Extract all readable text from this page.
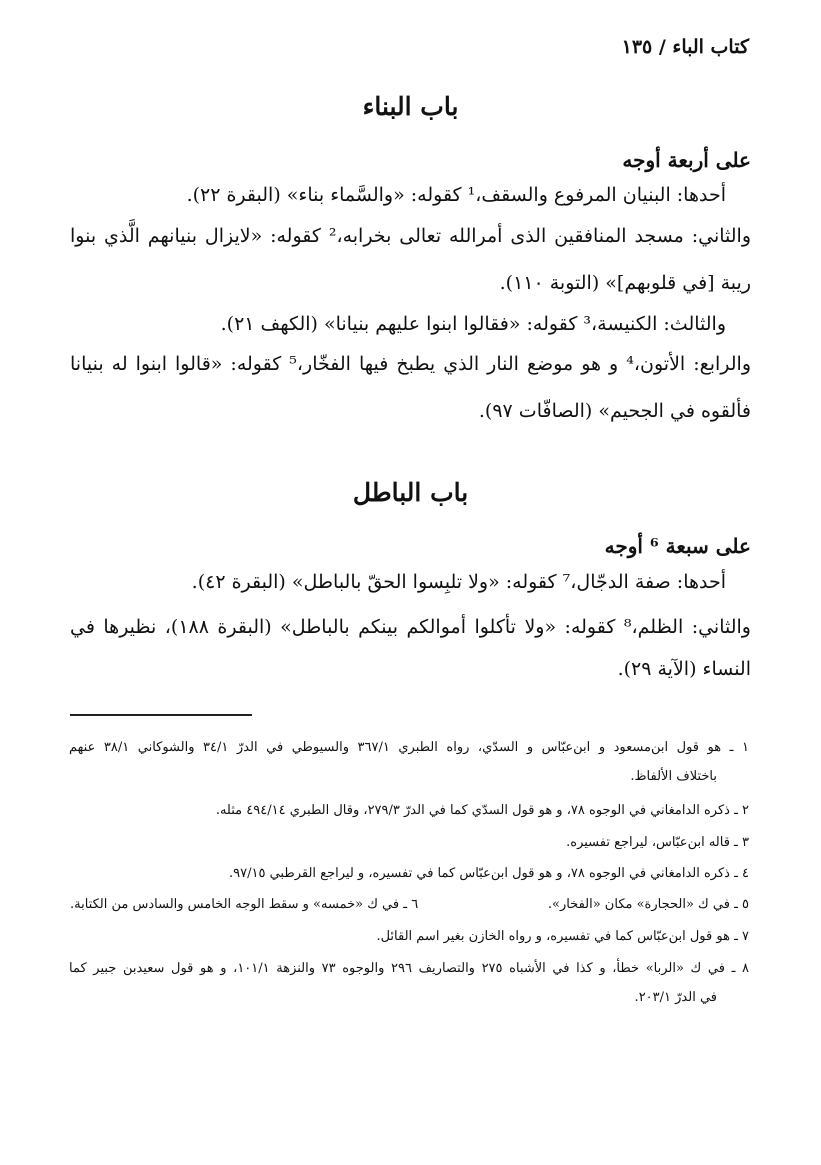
كتاب الباء / ١٣٥
باب البناء
على أربعة أوجه
أحدها: البنيان المرفوع والسقف،¹ كقوله: «والسَّماء بناء» (البقرة ٢٢).
والثاني: مسجد المنافقين الذى أمرالله تعالى بخرابه،² كقوله: «لايزال بنيانهم الَّذي بنوا
ريبة [في قلوبهم]» (التوبة ١١٠).
والثالث: الكنيسة،³ كقوله: «فقالوا ابنوا عليهم بنيانا» (الكهف ٢١).
والرابع: الأتون،⁴ و هو موضع النار الذي يطبخ فيها الفخّار،⁵ كقوله: «قالوا ابنوا له بنيانا
فألقوه في الجحيم» (الصافّات ٩٧).
باب الباطل
على سبعة ⁶ أوجه
أحدها: صفة الدجّال،⁷ كقوله: «ولا تلبِسوا الحقّ بالباطل» (البقرة ٤٢).
والثاني: الظلم،⁸ كقوله: «ولا تأكلوا أموالكم بينكم بالباطل» (البقرة ١٨٨)، نظيرها في
النساء (الآية ٢٩).
١ ـ هو قول ابن‌مسعود و ابن‌عبّاس و السدّي، رواه الطبري ٣٦٧/١ والسيوطي في الدرّ ٣٤/١ والشوكاني ٣٨/١ عنهم
باختلاف الألفاظ.
٢ ـ ذكره الدامغاني في الوجوه ٧٨، و هو قول السدّي كما في الدرّ ٢٧٩/٣، وقال الطبري ٤٩٤/١٤ مثله.
٣ ـ قاله ابن‌عبّاس، ليراجع تفسيره.
٤ ـ ذكره الدامغاني في الوجوه ٧٨، و هو قول ابن‌عبّاس كما في تفسيره، و ليراجع القرطبي ٩٧/١٥.
٥ ـ في ك «الحجارة» مكان «الفخار».
٦ ـ في ك «خمسه» و سقط الوجه الخامس والسادس من الكتابة.
٧ ـ هو قول ابن‌عبّاس كما في تفسيره، و رواه الخازن بغير اسم القائل.
٨ ـ في ك «الربا» خطأ، و كذا في الأشباه ٢٧٥ والتصاريف ٢٩٦ والوجوه ٧٣ والنزهة ١٠١/١، و هو قول سعيدبن جبير كما
في الدرّ ٢٠٣/١.
